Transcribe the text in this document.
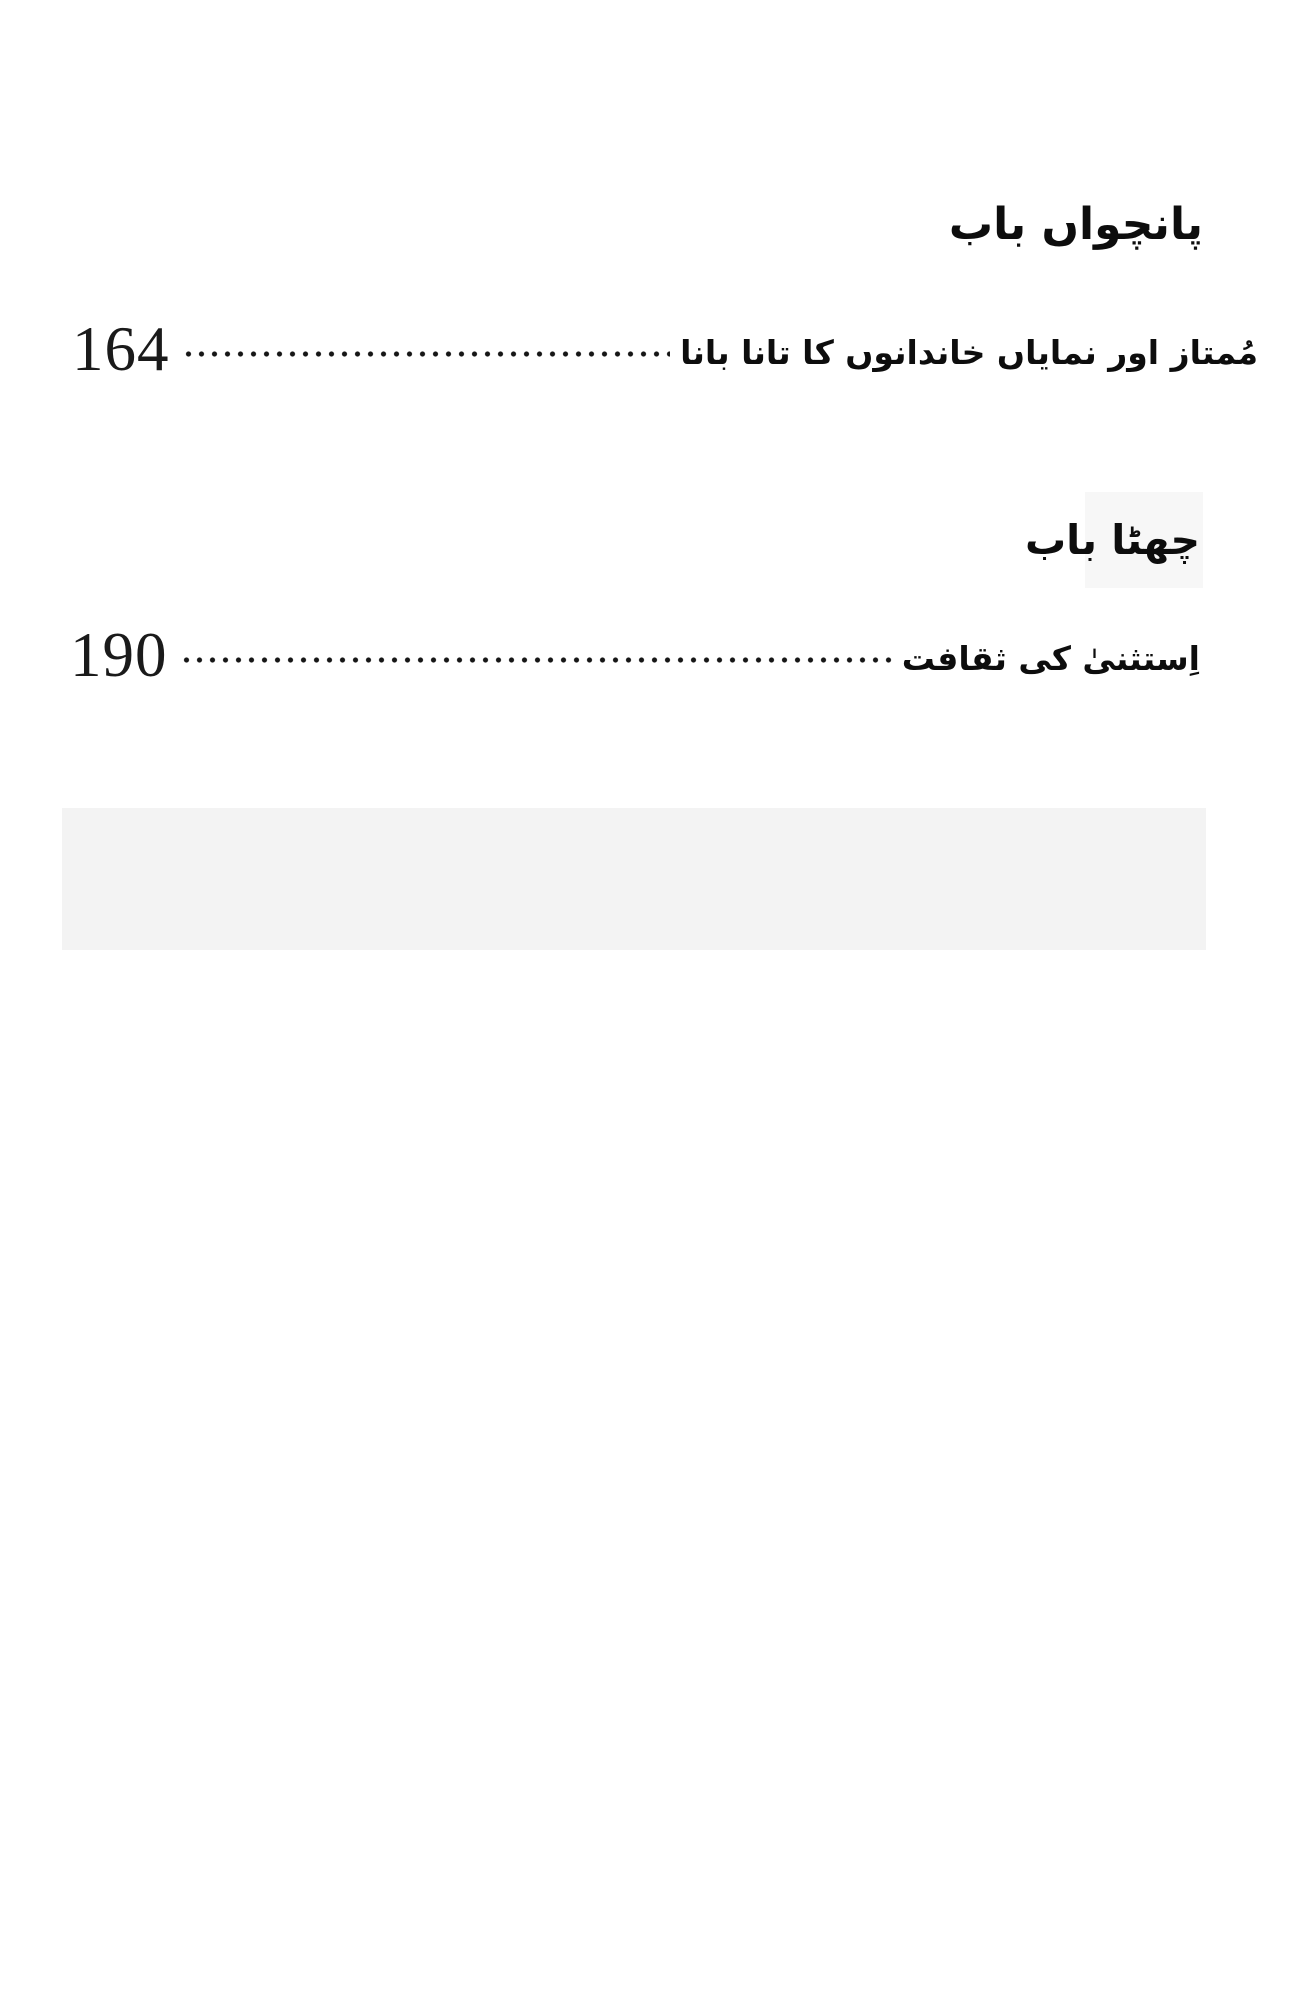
پانچواں باب
164	مُمتاز اور نمایاں خاندانوں کا تانا بانا
چھٹا باب
190	اِستثنیٰ کی ثقافت
